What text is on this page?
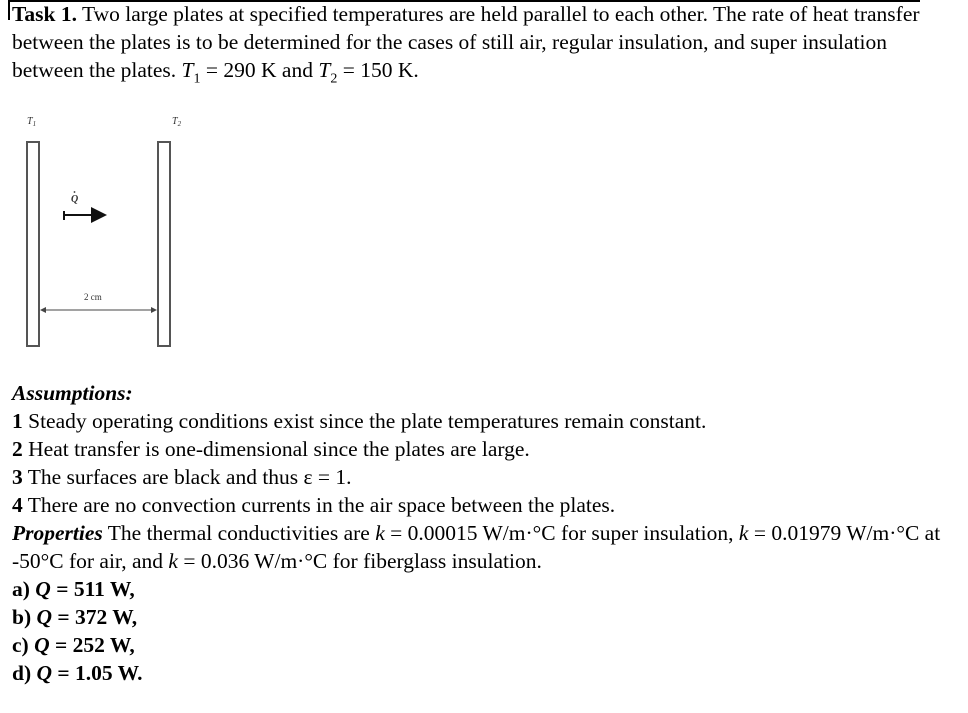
Task 1. Two large plates at specified temperatures are held parallel to each other. The rate of heat transfer between the plates is to be determined for the cases of still air, regular insulation, and super insulation between the plates. $T_1 = 290$ K and $T_2 = 150$ K.

$T_1$	$T_2$
Q
2 cm
Assumptions:
1 Steady operating conditions exist since the plate temperatures remain constant.
2 Heat transfer is one-dimensional since the plates are large.
3 The surfaces are black and thus ε = 1.
4 There are no convection currents in the air space between the plates.
Properties The thermal conductivities are k = 0.00015 W/m·°C for super insulation, k = 0.01979 W/m·°C at -50°C for air, and k = 0.036 W/m·°C for fiberglass insulation.
a) Q = 511 W,
b) Q = 372 W,
c) Q = 252 W,
d) Q = 1.05 W.
